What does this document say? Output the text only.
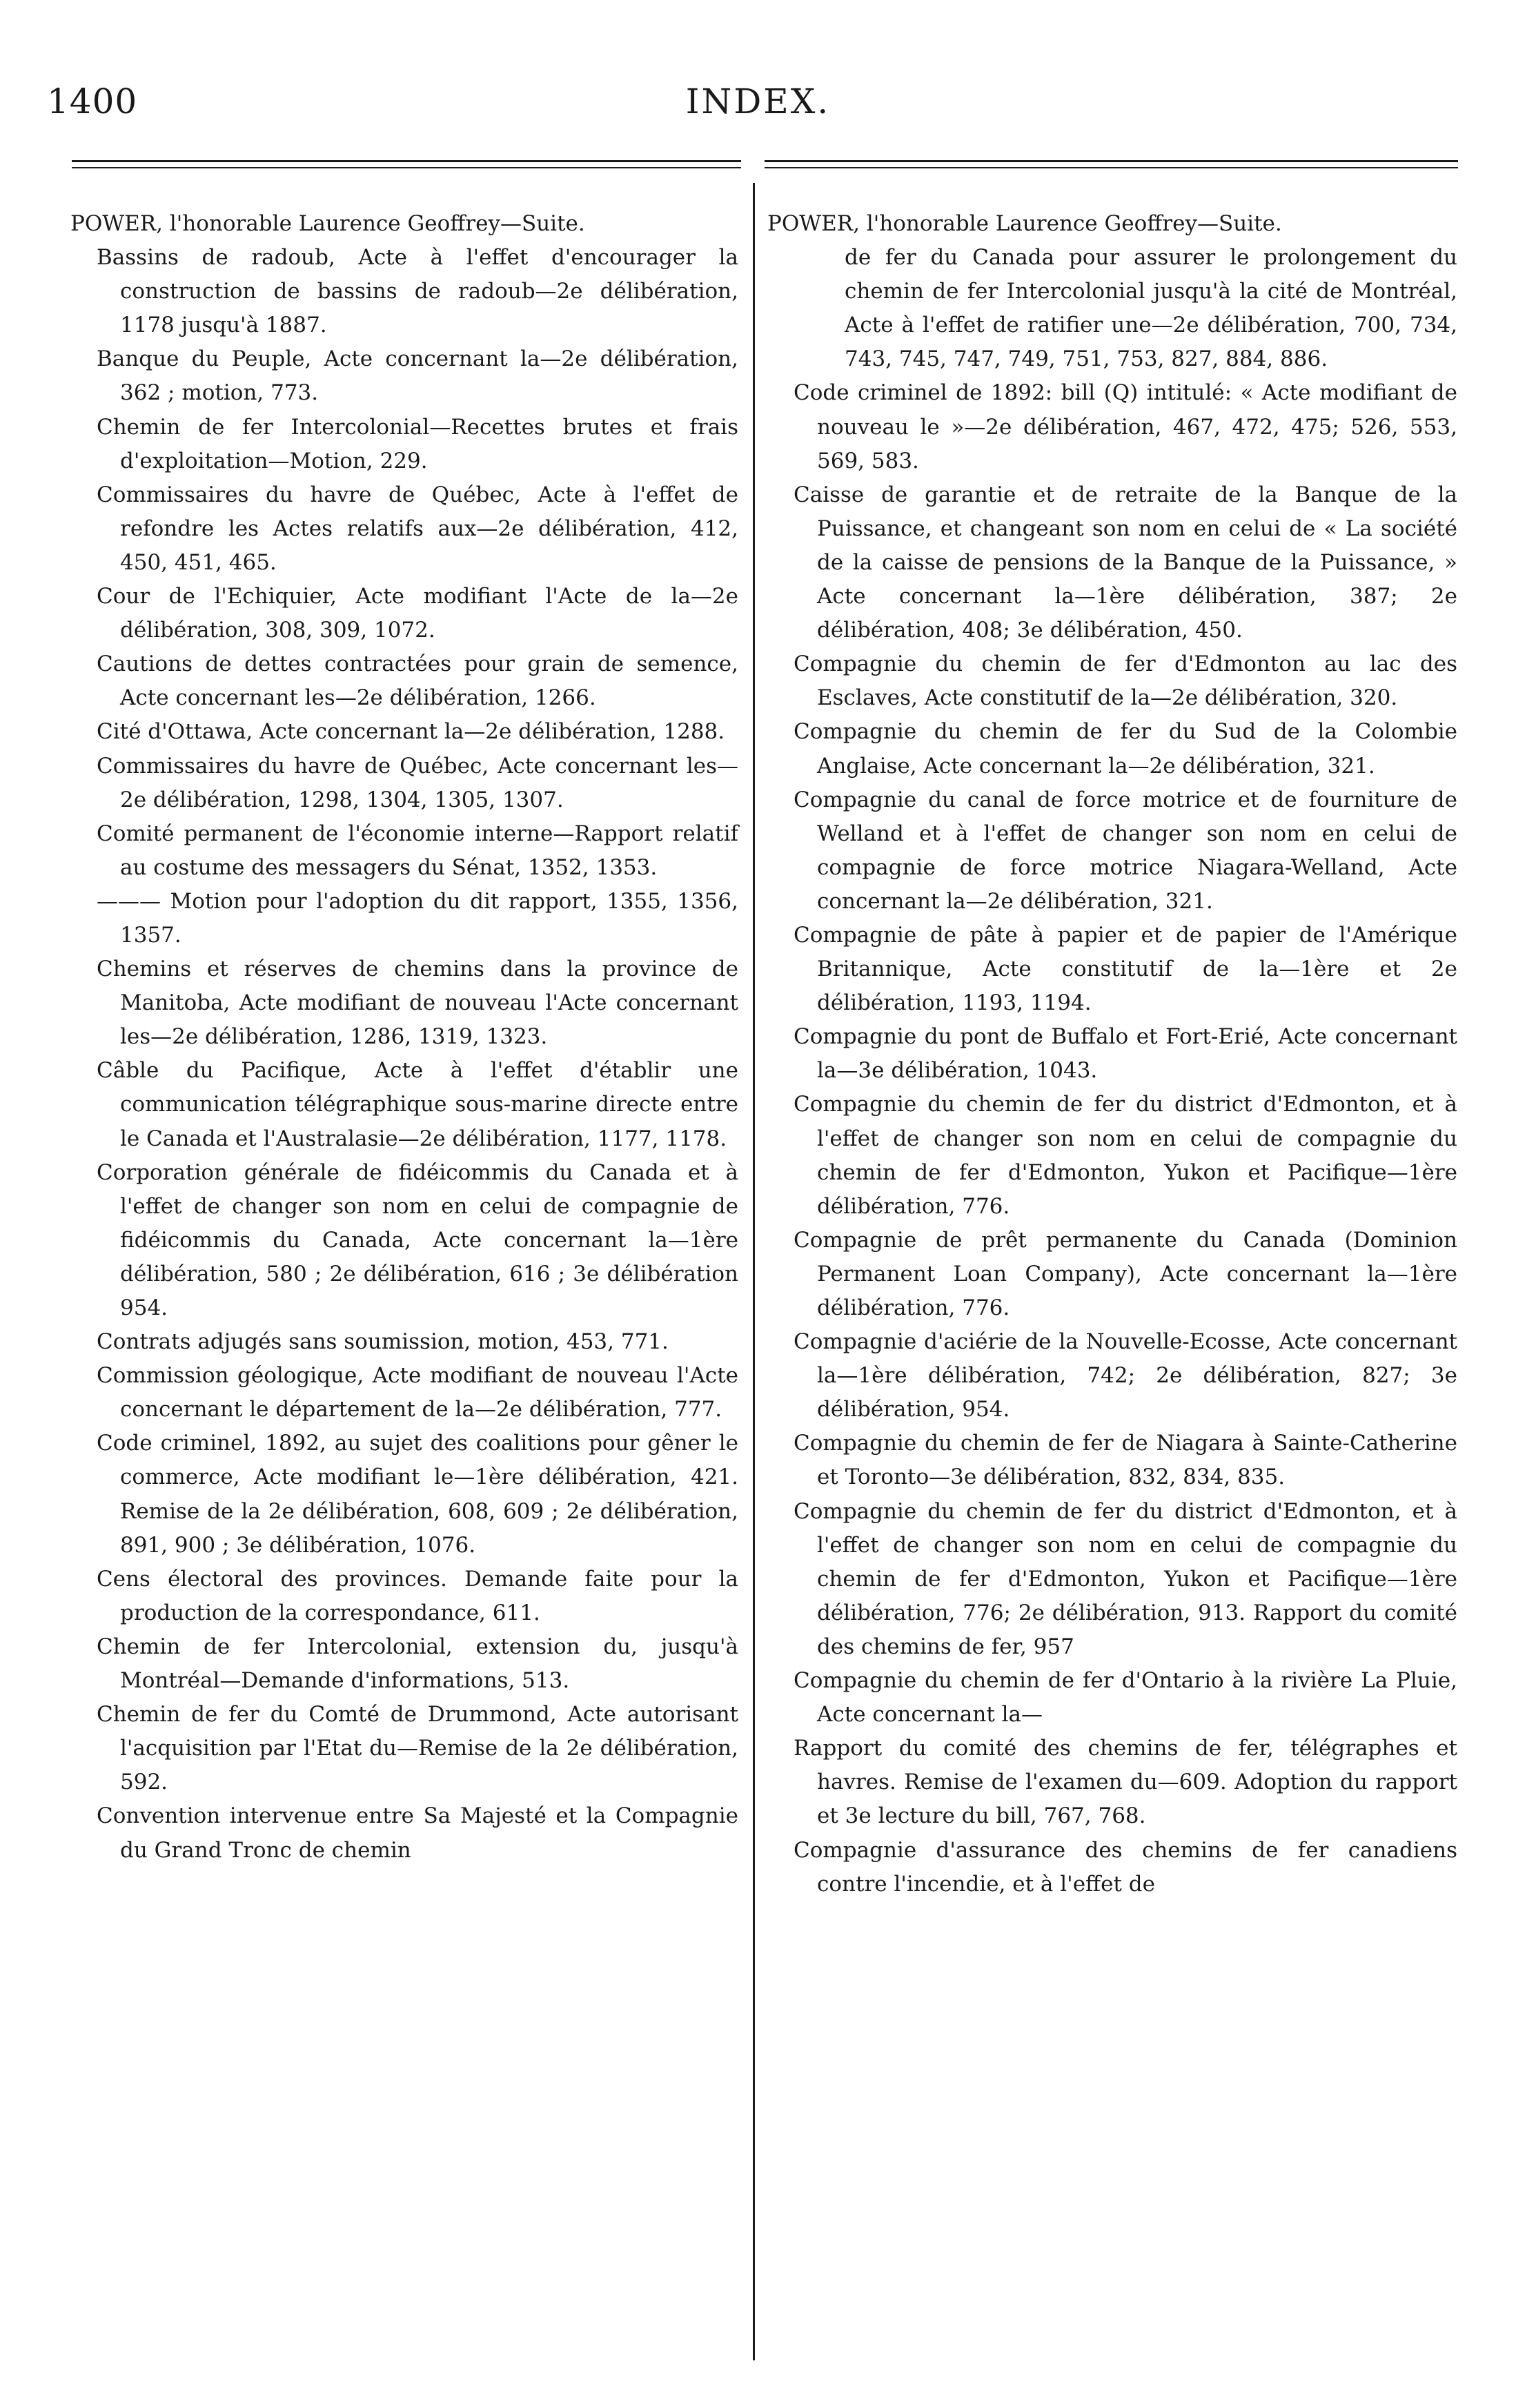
1400	INDEX.

POWER, l'honorable Laurence Geoffrey—Suite.

Bassins de radoub, Acte à l'effet d'encourager la construction de bassins de radoub—2e délibération, 1178 jusqu'à 1887.

Banque du Peuple, Acte concernant la—2e délibération, 362 ; motion, 773.

Chemin de fer Intercolonial—Recettes brutes et frais d'exploitation—Motion, 229.

Commissaires du havre de Québec, Acte à l'effet de refondre les Actes relatifs aux—2e délibération, 412, 450, 451, 465.

Cour de l'Echiquier, Acte modifiant l'Acte de la—2e délibération, 308, 309, 1072.

Cautions de dettes contractées pour grain de semence, Acte concernant les—2e délibération, 1266.

Cité d'Ottawa, Acte concernant la—2e délibération, 1288.

Commissaires du havre de Québec, Acte concernant les—2e délibération, 1298, 1304, 1305, 1307.

Comité permanent de l'économie interne—Rapport relatif au costume des messagers du Sénat, 1352, 1353.

——— Motion pour l'adoption du dit rapport, 1355, 1356, 1357.

Chemins et réserves de chemins dans la province de Manitoba, Acte modifiant de nouveau l'Acte concernant les—2e délibération, 1286, 1319, 1323.

Câble du Pacifique, Acte à l'effet d'établir une communication télégraphique sous-marine directe entre le Canada et l'Australasie—2e délibération, 1177, 1178.

Corporation générale de fidéicommis du Canada et à l'effet de changer son nom en celui de compagnie de fidéicommis du Canada, Acte concernant la—1ère délibération, 580 ; 2e délibération, 616 ; 3e délibération 954.

Contrats adjugés sans soumission, motion, 453, 771.

Commission géologique, Acte modifiant de nouveau l'Acte concernant le département de la—2e délibération, 777.

Code criminel, 1892, au sujet des coalitions pour gêner le commerce, Acte modifiant le—1ère délibération, 421. Remise de la 2e délibération, 608, 609 ; 2e délibération, 891, 900 ; 3e délibération, 1076.

Cens électoral des provinces. Demande faite pour la production de la correspondance, 611.

Chemin de fer Intercolonial, extension du, jusqu'à Montréal—Demande d'informations, 513.

Chemin de fer du Comté de Drummond, Acte autorisant l'acquisition par l'Etat du—Remise de la 2e délibération, 592.

Convention intervenue entre Sa Majesté et la Compagnie du Grand Tronc de chemin

POWER, l'honorable Laurence Geoffrey—Suite.

de fer du Canada pour assurer le prolongement du chemin de fer Intercolonial jusqu'à la cité de Montréal, Acte à l'effet de ratifier une—2e délibération, 700, 734, 743, 745, 747, 749, 751, 753, 827, 884, 886.

Code criminel de 1892: bill (Q) intitulé: « Acte modifiant de nouveau le »—2e délibération, 467, 472, 475; 526, 553, 569, 583.

Caisse de garantie et de retraite de la Banque de la Puissance, et changeant son nom en celui de « La société de la caisse de pensions de la Banque de la Puissance, » Acte concernant la—1ère délibération, 387; 2e délibération, 408; 3e délibération, 450.

Compagnie du chemin de fer d'Edmonton au lac des Esclaves, Acte constitutif de la—2e délibération, 320.

Compagnie du chemin de fer du Sud de la Colombie Anglaise, Acte concernant la—2e délibération, 321.

Compagnie du canal de force motrice et de fourniture de Welland et à l'effet de changer son nom en celui de compagnie de force motrice Niagara-Welland, Acte concernant la—2e délibération, 321.

Compagnie de pâte à papier et de papier de l'Amérique Britannique, Acte constitutif de la—1ère et 2e délibération, 1193, 1194.

Compagnie du pont de Buffalo et Fort-Erié, Acte concernant la—3e délibération, 1043.

Compagnie du chemin de fer du district d'Edmonton, et à l'effet de changer son nom en celui de compagnie du chemin de fer d'Edmonton, Yukon et Pacifique—1ère délibération, 776.

Compagnie de prêt permanente du Canada (Dominion Permanent Loan Company), Acte concernant la—1ère délibération, 776.

Compagnie d'aciérie de la Nouvelle-Ecosse, Acte concernant la—1ère délibération, 742; 2e délibération, 827; 3e délibération, 954.

Compagnie du chemin de fer de Niagara à Sainte-Catherine et Toronto—3e délibération, 832, 834, 835.

Compagnie du chemin de fer du district d'Edmonton, et à l'effet de changer son nom en celui de compagnie du chemin de fer d'Edmonton, Yukon et Pacifique—1ère délibération, 776; 2e délibération, 913. Rapport du comité des chemins de fer, 957

Compagnie du chemin de fer d'Ontario à la rivière La Pluie, Acte concernant la—

Rapport du comité des chemins de fer, télégraphes et havres. Remise de l'examen du—609. Adoption du rapport et 3e lecture du bill, 767, 768.

Compagnie d'assurance des chemins de fer canadiens contre l'incendie, et à l'effet de
